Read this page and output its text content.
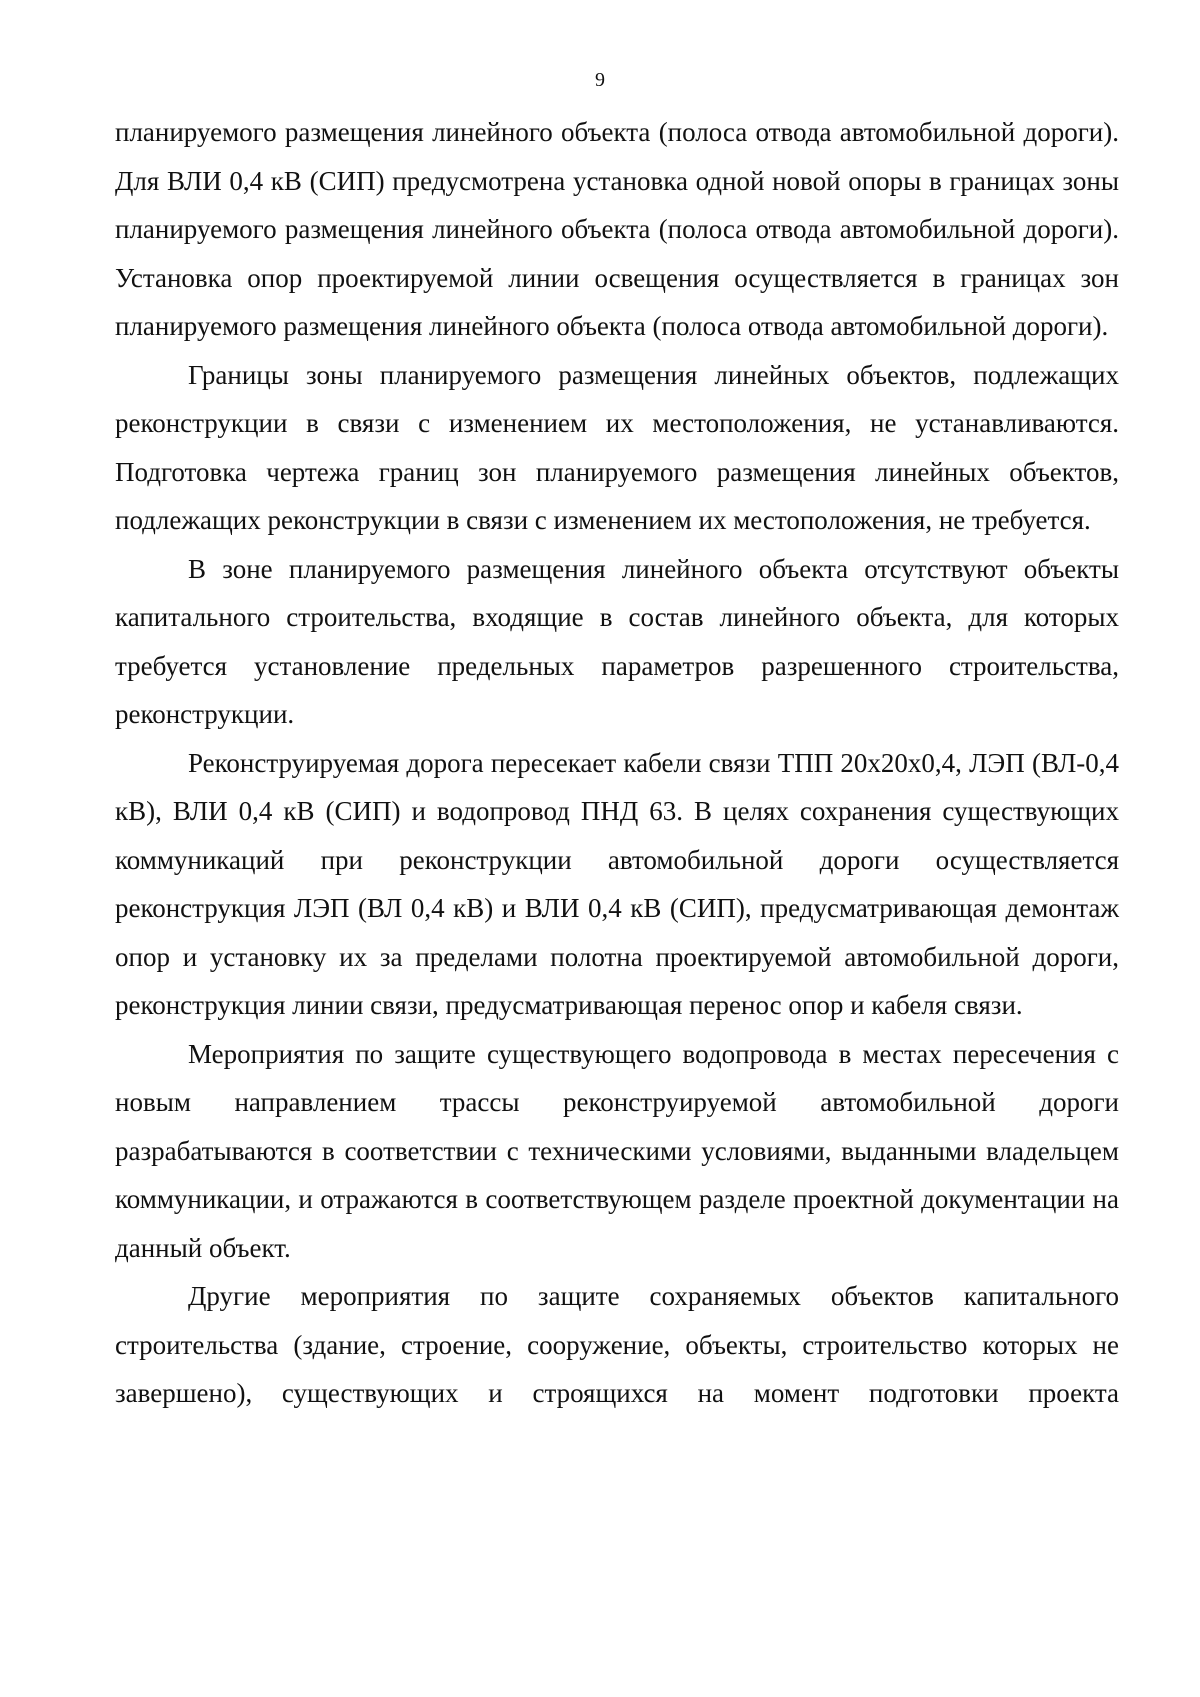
9

планируемого размещения линейного объекта (полоса отвода автомобильной дороги). Для ВЛИ 0,4 кВ (СИП) предусмотрена установка одной новой опоры в границах зоны планируемого размещения линейного объекта (полоса отвода автомобильной дороги). Установка опор проектируемой линии освещения осуществляется в границах зон планируемого размещения линейного объекта (полоса отвода автомобильной дороги).

Границы зоны планируемого размещения линейных объектов, подлежащих реконструкции в связи с изменением их местоположения, не устанавливаются. Подготовка чертежа границ зон планируемого размещения линейных объектов, подлежащих реконструкции в связи с изменением их местоположения, не требуется.

В зоне планируемого размещения линейного объекта отсутствуют объекты капитального строительства, входящие в состав линейного объекта, для которых требуется установление предельных параметров разрешенного строительства, реконструкции.

Реконструируемая дорога пересекает кабели связи ТПП 20х20х0,4, ЛЭП (ВЛ-0,4 кВ), ВЛИ 0,4 кВ (СИП) и водопровод ПНД 63. В целях сохранения существующих коммуникаций при реконструкции автомобильной дороги осуществляется реконструкция ЛЭП (ВЛ 0,4 кВ) и ВЛИ 0,4 кВ (СИП), предусматривающая демонтаж опор и установку их за пределами полотна проектируемой автомобильной дороги, реконструкция линии связи, предусматривающая перенос опор и кабеля связи.

Мероприятия по защите существующего водопровода в местах пересечения с новым направлением трассы реконструируемой автомобильной дороги разрабатываются в соответствии с техническими условиями, выданными владельцем коммуникации, и отражаются в соответствующем разделе проектной документации на данный объект.

Другие мероприятия по защите сохраняемых объектов капитального строительства (здание, строение, сооружение, объекты, строительство которых не завершено), существующих и строящихся на момент подготовки проекта
